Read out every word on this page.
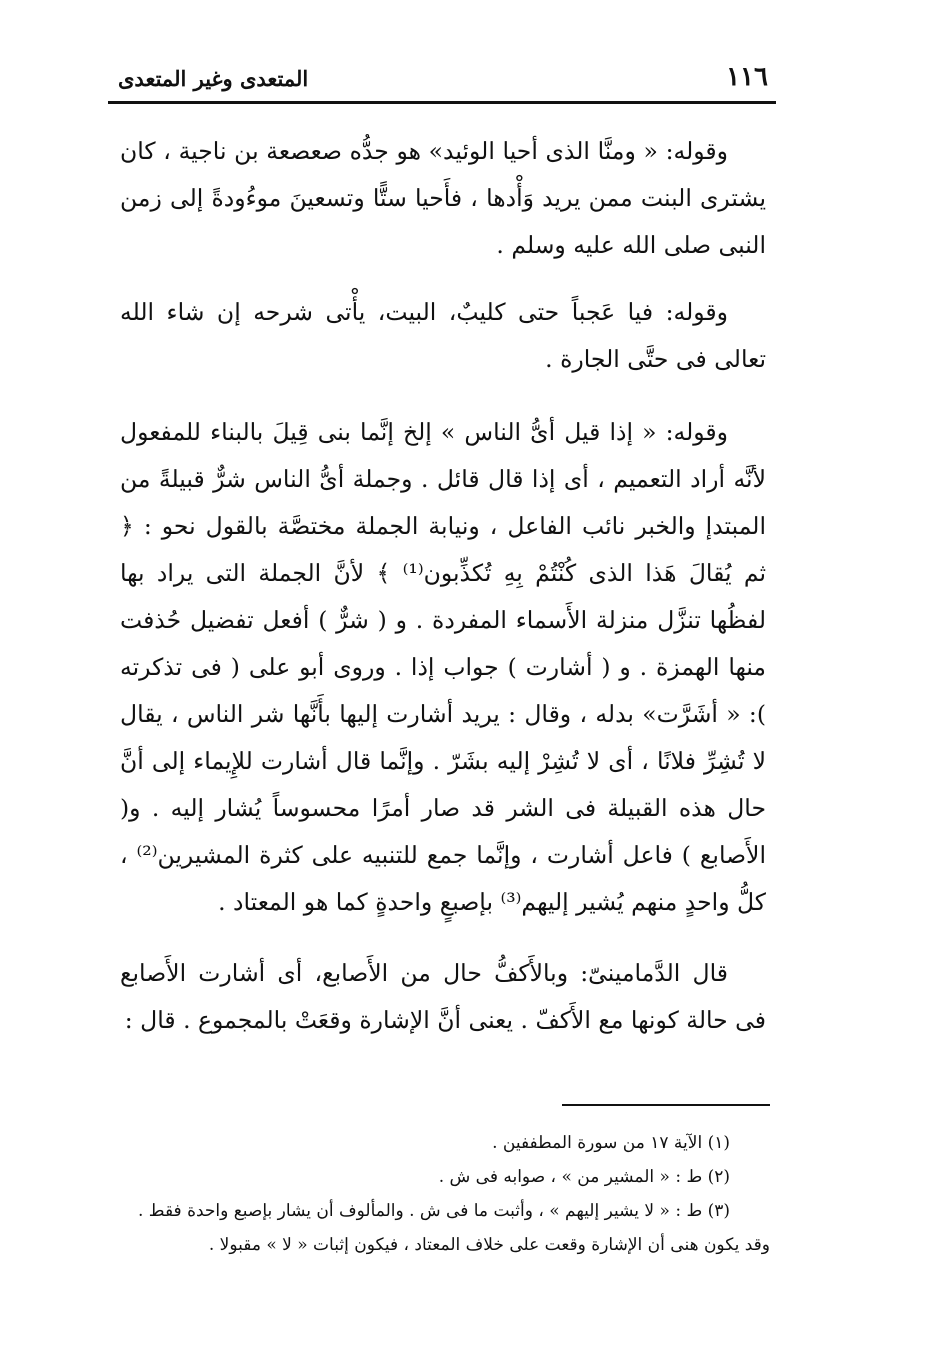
١١٦
المتعدى وغير المتعدى

وقوله: « ومنَّا الذى أحيا الوئيد» هو جدُّه صعصعة بن ناجية ، كان يشترى البنت ممن يريد وَأْدها ، فأَحيا ستًّا وتسعينَ موءُودةً إلى زمن النبى صلى الله عليه وسلم .

وقوله: فيا عَجباً حتى كليبٌ، البيت، يأْتى شرحه إن شاء الله تعالى فى حتَّى الجارة .

وقوله: « إذا قيل أىُّ الناس » إلخ إنَّما بنى قِيلَ بالبناء للمفعول لأنَّه أراد التعميم ، أى إذا قال قائل . وجملة أىُّ الناس شرٌّ قبيلةً من المبتدإ والخبر نائب الفاعل ، ونيابة الجملة مختصَّة بالقول نحو : ﴿ ثم يُقالَ هَذا الذى كُنْتُمْ بِهِ تُكذِّبون⁽¹⁾ ﴾ لأنَّ الجملة التى يراد بها لفظُها تنزَّل منزلة الأَسماء المفردة . و ( شرٌّ ) أفعل تفضيل حُذفت منها الهمزة . و ( أشارت ) جواب إذا . وروى أبو على ( فى تذكرته ): « أشَرَّت» بدله ، وقال : يريد أشارت إليها بأَنَّها شر الناس ، يقال لا تُشِرِّ فلانًا ، أى لا تُشِرْ إليه بشَرّ . وإنَّما قال أشارت للإِيماء إلى أنَّ حال هذه القبيلة فى الشر قد صار أمرًا محسوساً يُشار إليه . و( الأَصابع ) فاعل أشارت ، وإنَّما جمع للتنبيه على كثرة المشيرين⁽²⁾ ، كلُّ واحدٍ منهم يُشير إليهم⁽³⁾ بإصبعٍ واحدةٍ كما هو المعتاد .

قال الدَّمامينىّ: وبالأَكفُّ حال من الأَصابع، أى أشارت الأَصابع فى حالة كونها مع الأَكفّ . يعنى أنَّ الإشارة وقعَتْ بالمجموع . قال :

(١) الآية ١٧ من سورة المطففين .
(٢) ط : « المشير من » ، صوابه فى ش .
(٣) ط : « لا يشير إليهم » ، وأثبت ما فى ش . والمألوف أن يشار بإصبع واحدة فقط .
وقد يكون هنى أن الإشارة وقعت على خلاف المعتاد ، فيكون إثبات « لا » مقبولا .
